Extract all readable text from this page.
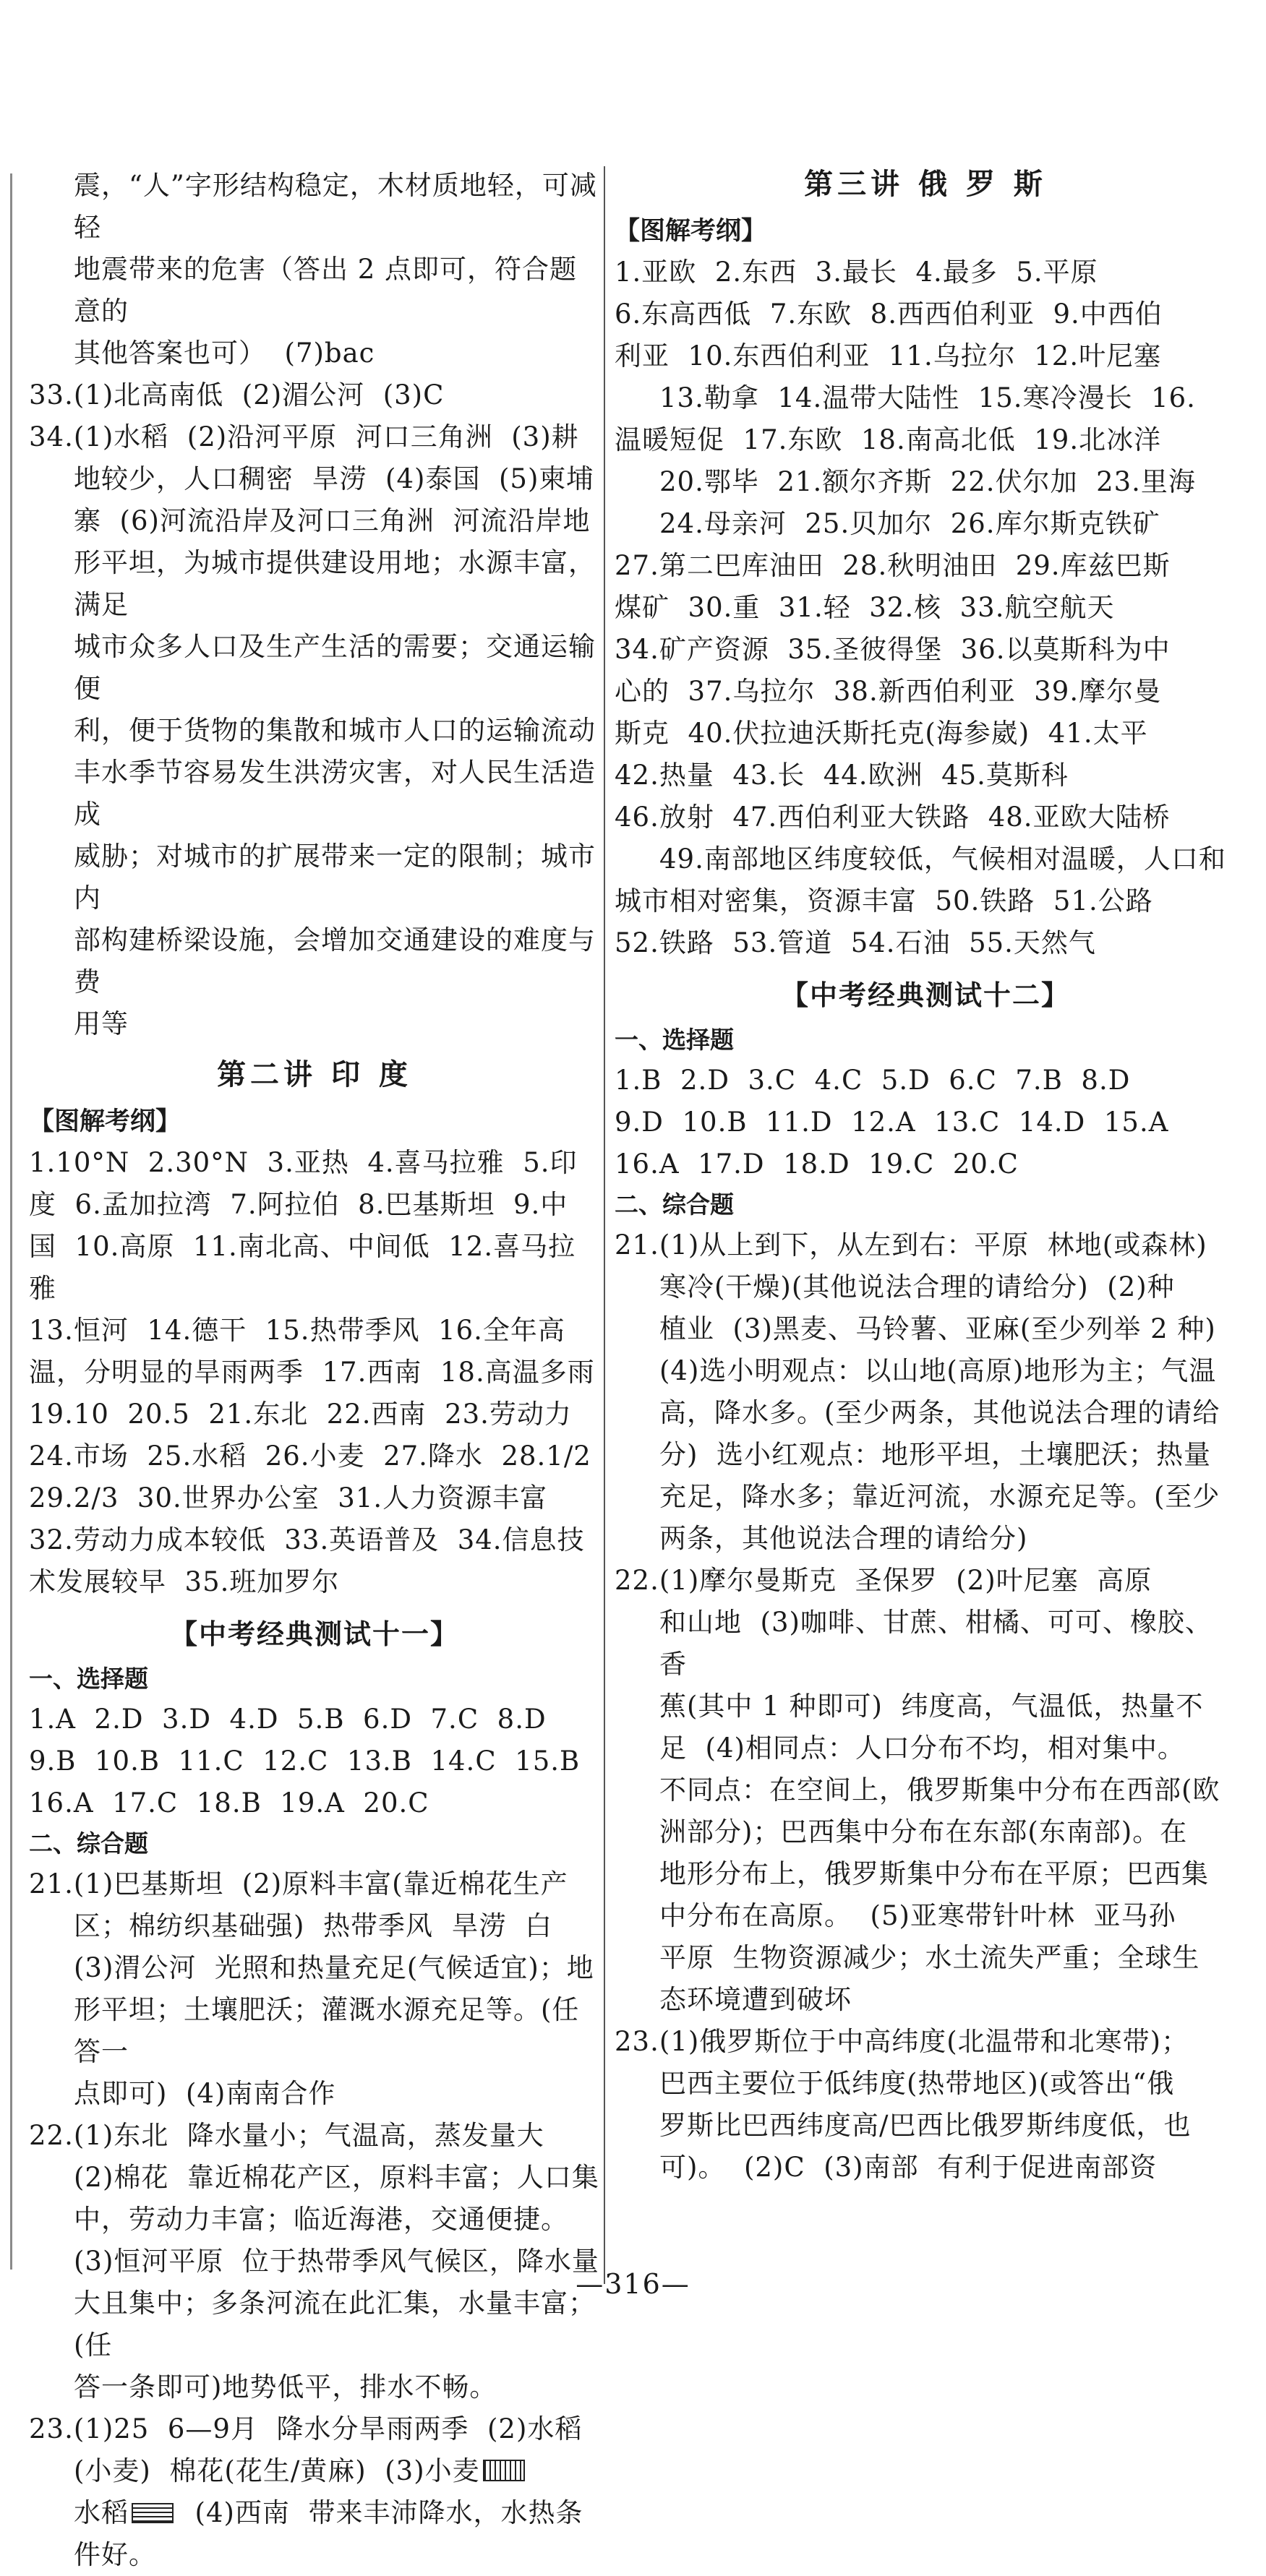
震，“人”字形结构稳定，木材质地轻，可减轻

地震带来的危害（答出 2 点即可，符合题意的

其他答案也可）  (7)bac

33.(1)北高南低  (2)湄公河  (3)C

34.(1)水稻  (2)沿河平原  河口三角洲  (3)耕

地较少，人口稠密  旱涝  (4)泰国  (5)柬埔

寨  (6)河流沿岸及河口三角洲  河流沿岸地

形平坦，为城市提供建设用地；水源丰富，满足

城市众多人口及生产生活的需要；交通运输便

利，便于货物的集散和城市人口的运输流动

丰水季节容易发生洪涝灾害，对人民生活造成

威胁；对城市的扩展带来一定的限制；城市内

部构建桥梁设施，会增加交通建设的难度与费

用等

第二讲 印 度
【图解考纲】

1.10°N  2.30°N  3.亚热  4.喜马拉雅  5.印

度  6.孟加拉湾  7.阿拉伯  8.巴基斯坦  9.中

国  10.高原  11.南北高、中间低  12.喜马拉雅

13.恒河  14.德干  15.热带季风  16.全年高

温，分明显的旱雨两季  17.西南  18.高温多雨

19.10  20.5  21.东北  22.西南  23.劳动力

24.市场  25.水稻  26.小麦  27.降水  28.1/2

29.2/3  30.世界办公室  31.人力资源丰富

32.劳动力成本较低  33.英语普及  34.信息技

术发展较早  35.班加罗尔

【中考经典测试十一】
一、选择题

1.A  2.D  3.D  4.D  5.B  6.D  7.C  8.D

9.B  10.B  11.C  12.C  13.B  14.C  15.B

16.A  17.C  18.B  19.A  20.C

二、综合题

21.(1)巴基斯坦  (2)原料丰富(靠近棉花生产

区；棉纺织基础强)  热带季风  旱涝  白

(3)渭公河  光照和热量充足(气候适宜)；地

形平坦；土壤肥沃；灌溉水源充足等。(任答一

点即可)  (4)南南合作

22.(1)东北  降水量小；气温高，蒸发量大

(2)棉花  靠近棉花产区，原料丰富；人口集

中，劳动力丰富；临近海港，交通便捷。

(3)恒河平原  位于热带季风气候区，降水量

大且集中；多条河流在此汇集，水量丰富；(任

答一条即可)地势低平，排水不畅。

23.(1)25  6—9月  降水分旱雨两季  (2)水稻

(小麦)  棉花(花生/黄麻)  (3)小麦

水稻  (4)西南  带来丰沛降水，水热条

件好。

第三讲 俄 罗 斯
【图解考纲】

1.亚欧  2.东西  3.最长  4.最多  5.平原

6.东高西低  7.东欧  8.西西伯利亚  9.中西伯

利亚  10.东西伯利亚  11.乌拉尔  12.叶尼塞

13.勒拿  14.温带大陆性  15.寒冷漫长  16.

温暖短促  17.东欧  18.南高北低  19.北冰洋

20.鄂毕  21.额尔齐斯  22.伏尔加  23.里海

24.母亲河  25.贝加尔  26.库尔斯克铁矿

27.第二巴库油田  28.秋明油田  29.库兹巴斯

煤矿  30.重  31.轻  32.核  33.航空航天

34.矿产资源  35.圣彼得堡  36.以莫斯科为中

心的  37.乌拉尔  38.新西伯利亚  39.摩尔曼

斯克  40.伏拉迪沃斯托克(海参崴)  41.太平

42.热量  43.长  44.欧洲  45.莫斯科

46.放射  47.西伯利亚大铁路  48.亚欧大陆桥

49.南部地区纬度较低，气候相对温暖，人口和

城市相对密集，资源丰富  50.铁路  51.公路

52.铁路  53.管道  54.石油  55.天然气

【中考经典测试十二】
一、选择题

1.B  2.D  3.C  4.C  5.D  6.C  7.B  8.D

9.D  10.B  11.D  12.A  13.C  14.D  15.A

16.A  17.D  18.D  19.C  20.C

二、综合题

21.(1)从上到下，从左到右：平原  林地(或森林)

寒冷(干燥)(其他说法合理的请给分)  (2)种

植业  (3)黑麦、马铃薯、亚麻(至少列举 2 种)

(4)选小明观点：以山地(高原)地形为主；气温

高，降水多。(至少两条，其他说法合理的请给

分)  选小红观点：地形平坦，土壤肥沃；热量

充足，降水多；靠近河流，水源充足等。(至少

两条，其他说法合理的请给分)

22.(1)摩尔曼斯克  圣保罗  (2)叶尼塞  高原

和山地  (3)咖啡、甘蔗、柑橘、可可、橡胶、香

蕉(其中 1 种即可)  纬度高，气温低，热量不

足  (4)相同点：人口分布不均，相对集中。

不同点：在空间上，俄罗斯集中分布在西部(欧

洲部分)；巴西集中分布在东部(东南部)。在

地形分布上，俄罗斯集中分布在平原；巴西集

中分布在高原。  (5)亚寒带针叶林  亚马孙

平原  生物资源减少；水土流失严重；全球生

态环境遭到破坏

23.(1)俄罗斯位于中高纬度(北温带和北寒带)；

巴西主要位于低纬度(热带地区)(或答出“俄

罗斯比巴西纬度高/巴西比俄罗斯纬度低，也

可)。  (2)C  (3)南部  有利于促进南部资

—316—
